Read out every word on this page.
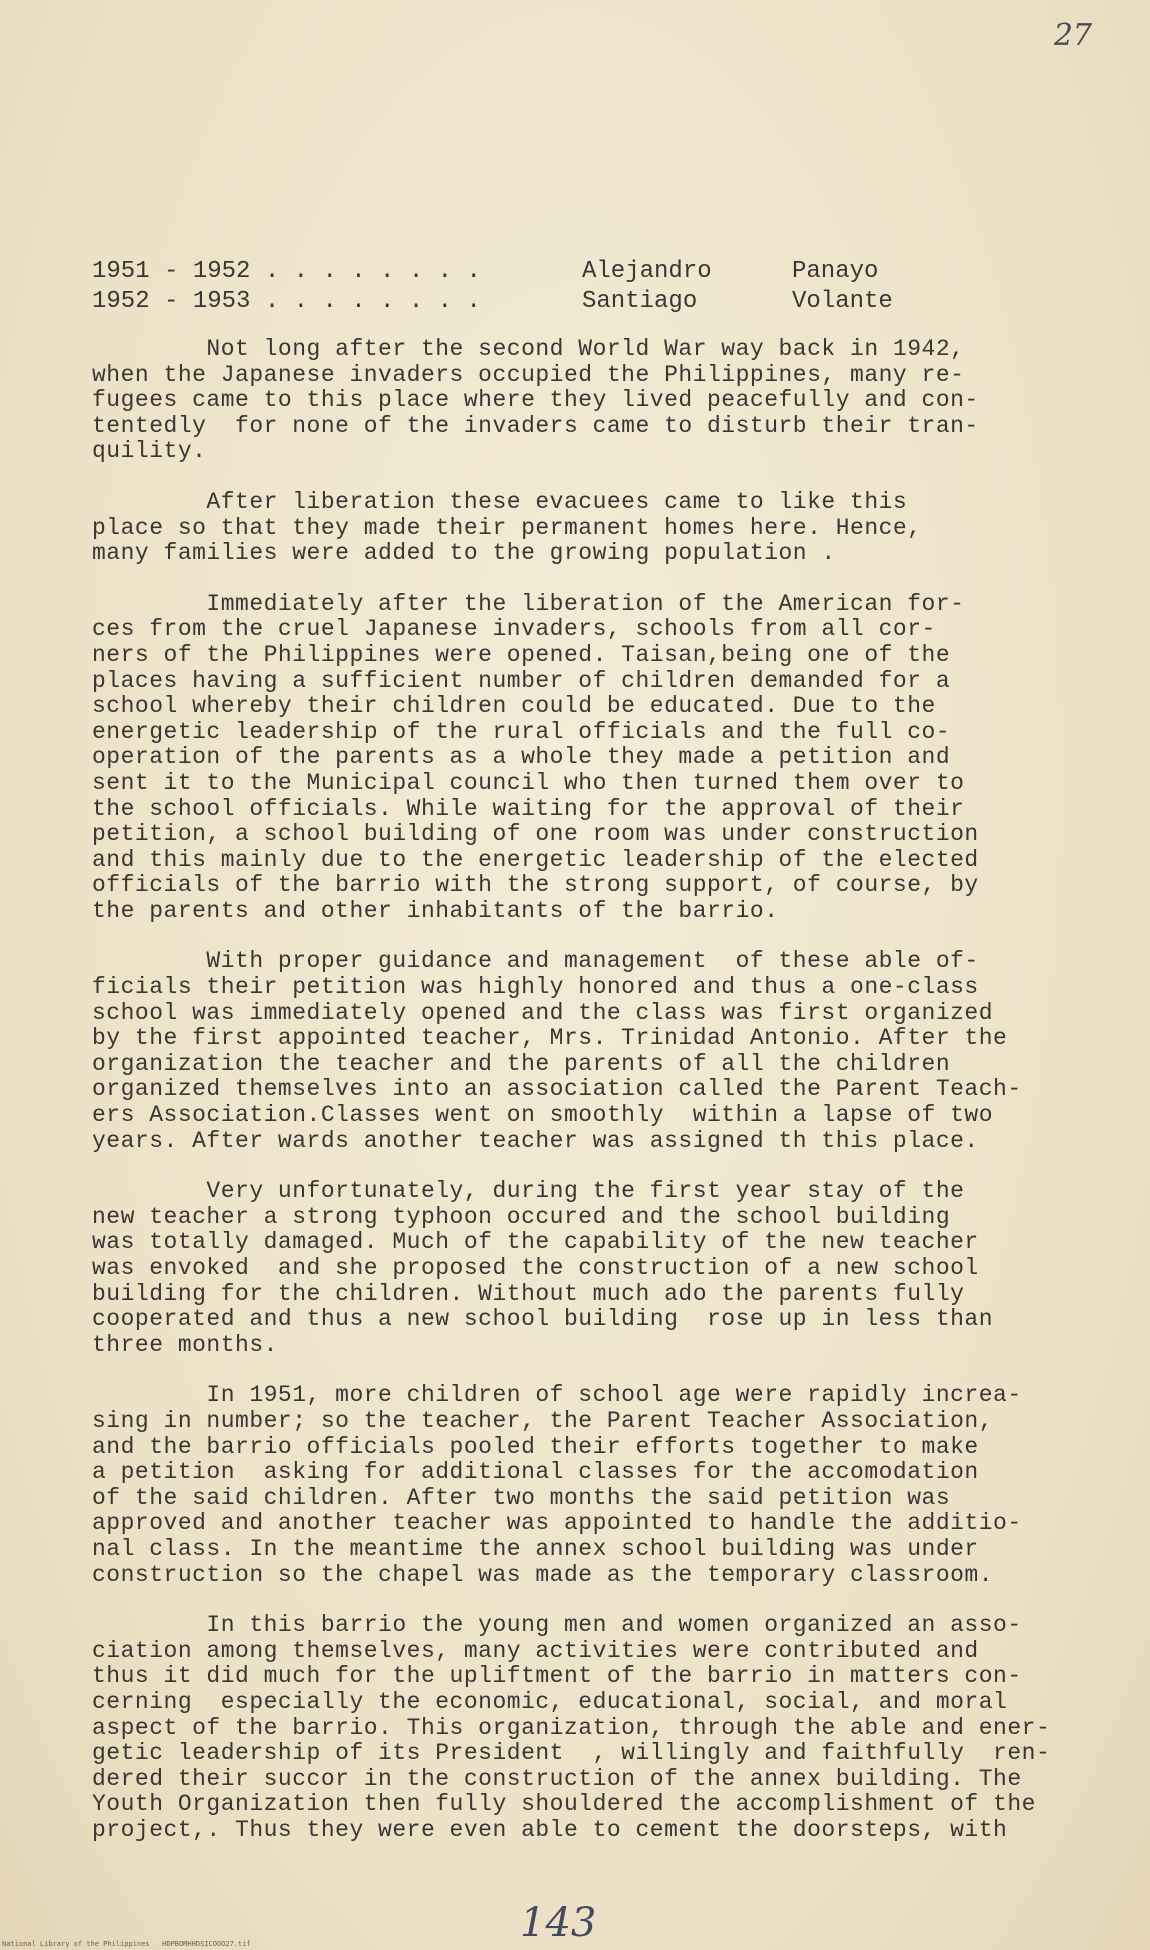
27

1951 - 1952 . . . . . . . .	Alejandro	Panayo
1952 - 1953 . . . . . . . .	Santiago	Volante
Not long after the second World War way back in 1942,
when the Japanese invaders occupied the Philippines, many re-
fugees came to this place where they lived peacefully and con-
tentedly  for none of the invaders came to disturb their tran-
quility.
After liberation these evacuees came to like this
place so that they made their permanent homes here. Hence,
many families were added to the growing population .
Immediately after the liberation of the American for-
ces from the cruel Japanese invaders, schools from all cor-
ners of the Philippines were opened. Taisan,being one of the
places having a sufficient number of children demanded for a
school whereby their children could be educated. Due to the
energetic leadership of the rural officials and the full co-
operation of the parents as a whole they made a petition and
sent it to the Municipal council who then turned them over to
the school officials. While waiting for the approval of their
petition, a school building of one room was under construction
and this mainly due to the energetic leadership of the elected
officials of the barrio with the strong support, of course, by
the parents and other inhabitants of the barrio.
With proper guidance and management  of these able of-
ficials their petition was highly honored and thus a one-class
school was immediately opened and the class was first organized
by the first appointed teacher, Mrs. Trinidad Antonio. After the
organization the teacher and the parents of all the children
organized themselves into an association called the Parent Teach-
ers Association.Classes went on smoothly  within a lapse of two
years. After wards another teacher was assigned th this place.
Very unfortunately, during the first year stay of the
new teacher a strong typhoon occured and the school building
was totally damaged. Much of the capability of the new teacher
was envoked  and she proposed the construction of a new school
building for the children. Without much ado the parents fully
cooperated and thus a new school building  rose up in less than
three months.
In 1951, more children of school age were rapidly increa-
sing in number; so the teacher, the Parent Teacher Association,
and the barrio officials pooled their efforts together to make
a petition  asking for additional classes for the accomodation
of the said children. After two months the said petition was
approved and another teacher was appointed to handle the additio-
nal class. In the meantime the annex school building was under
construction so the chapel was made as the temporary classroom.
In this barrio the young men and women organized an asso-
ciation among themselves, many activities were contributed and
thus it did much for the upliftment of the barrio in matters con-
cerning  especially the economic, educational, social, and moral
aspect of the barrio. This organization, through the able and ener-
getic leadership of its President  , willingly and faithfully  ren-
dered their succor in the construction of the annex building. The
Youth Organization then fully shouldered the accomplishment of the
project,. Thus they were even able to cement the doorsteps, with
143
National Library of the Philippines   HDPBOMHHDSICOOO27.tif
